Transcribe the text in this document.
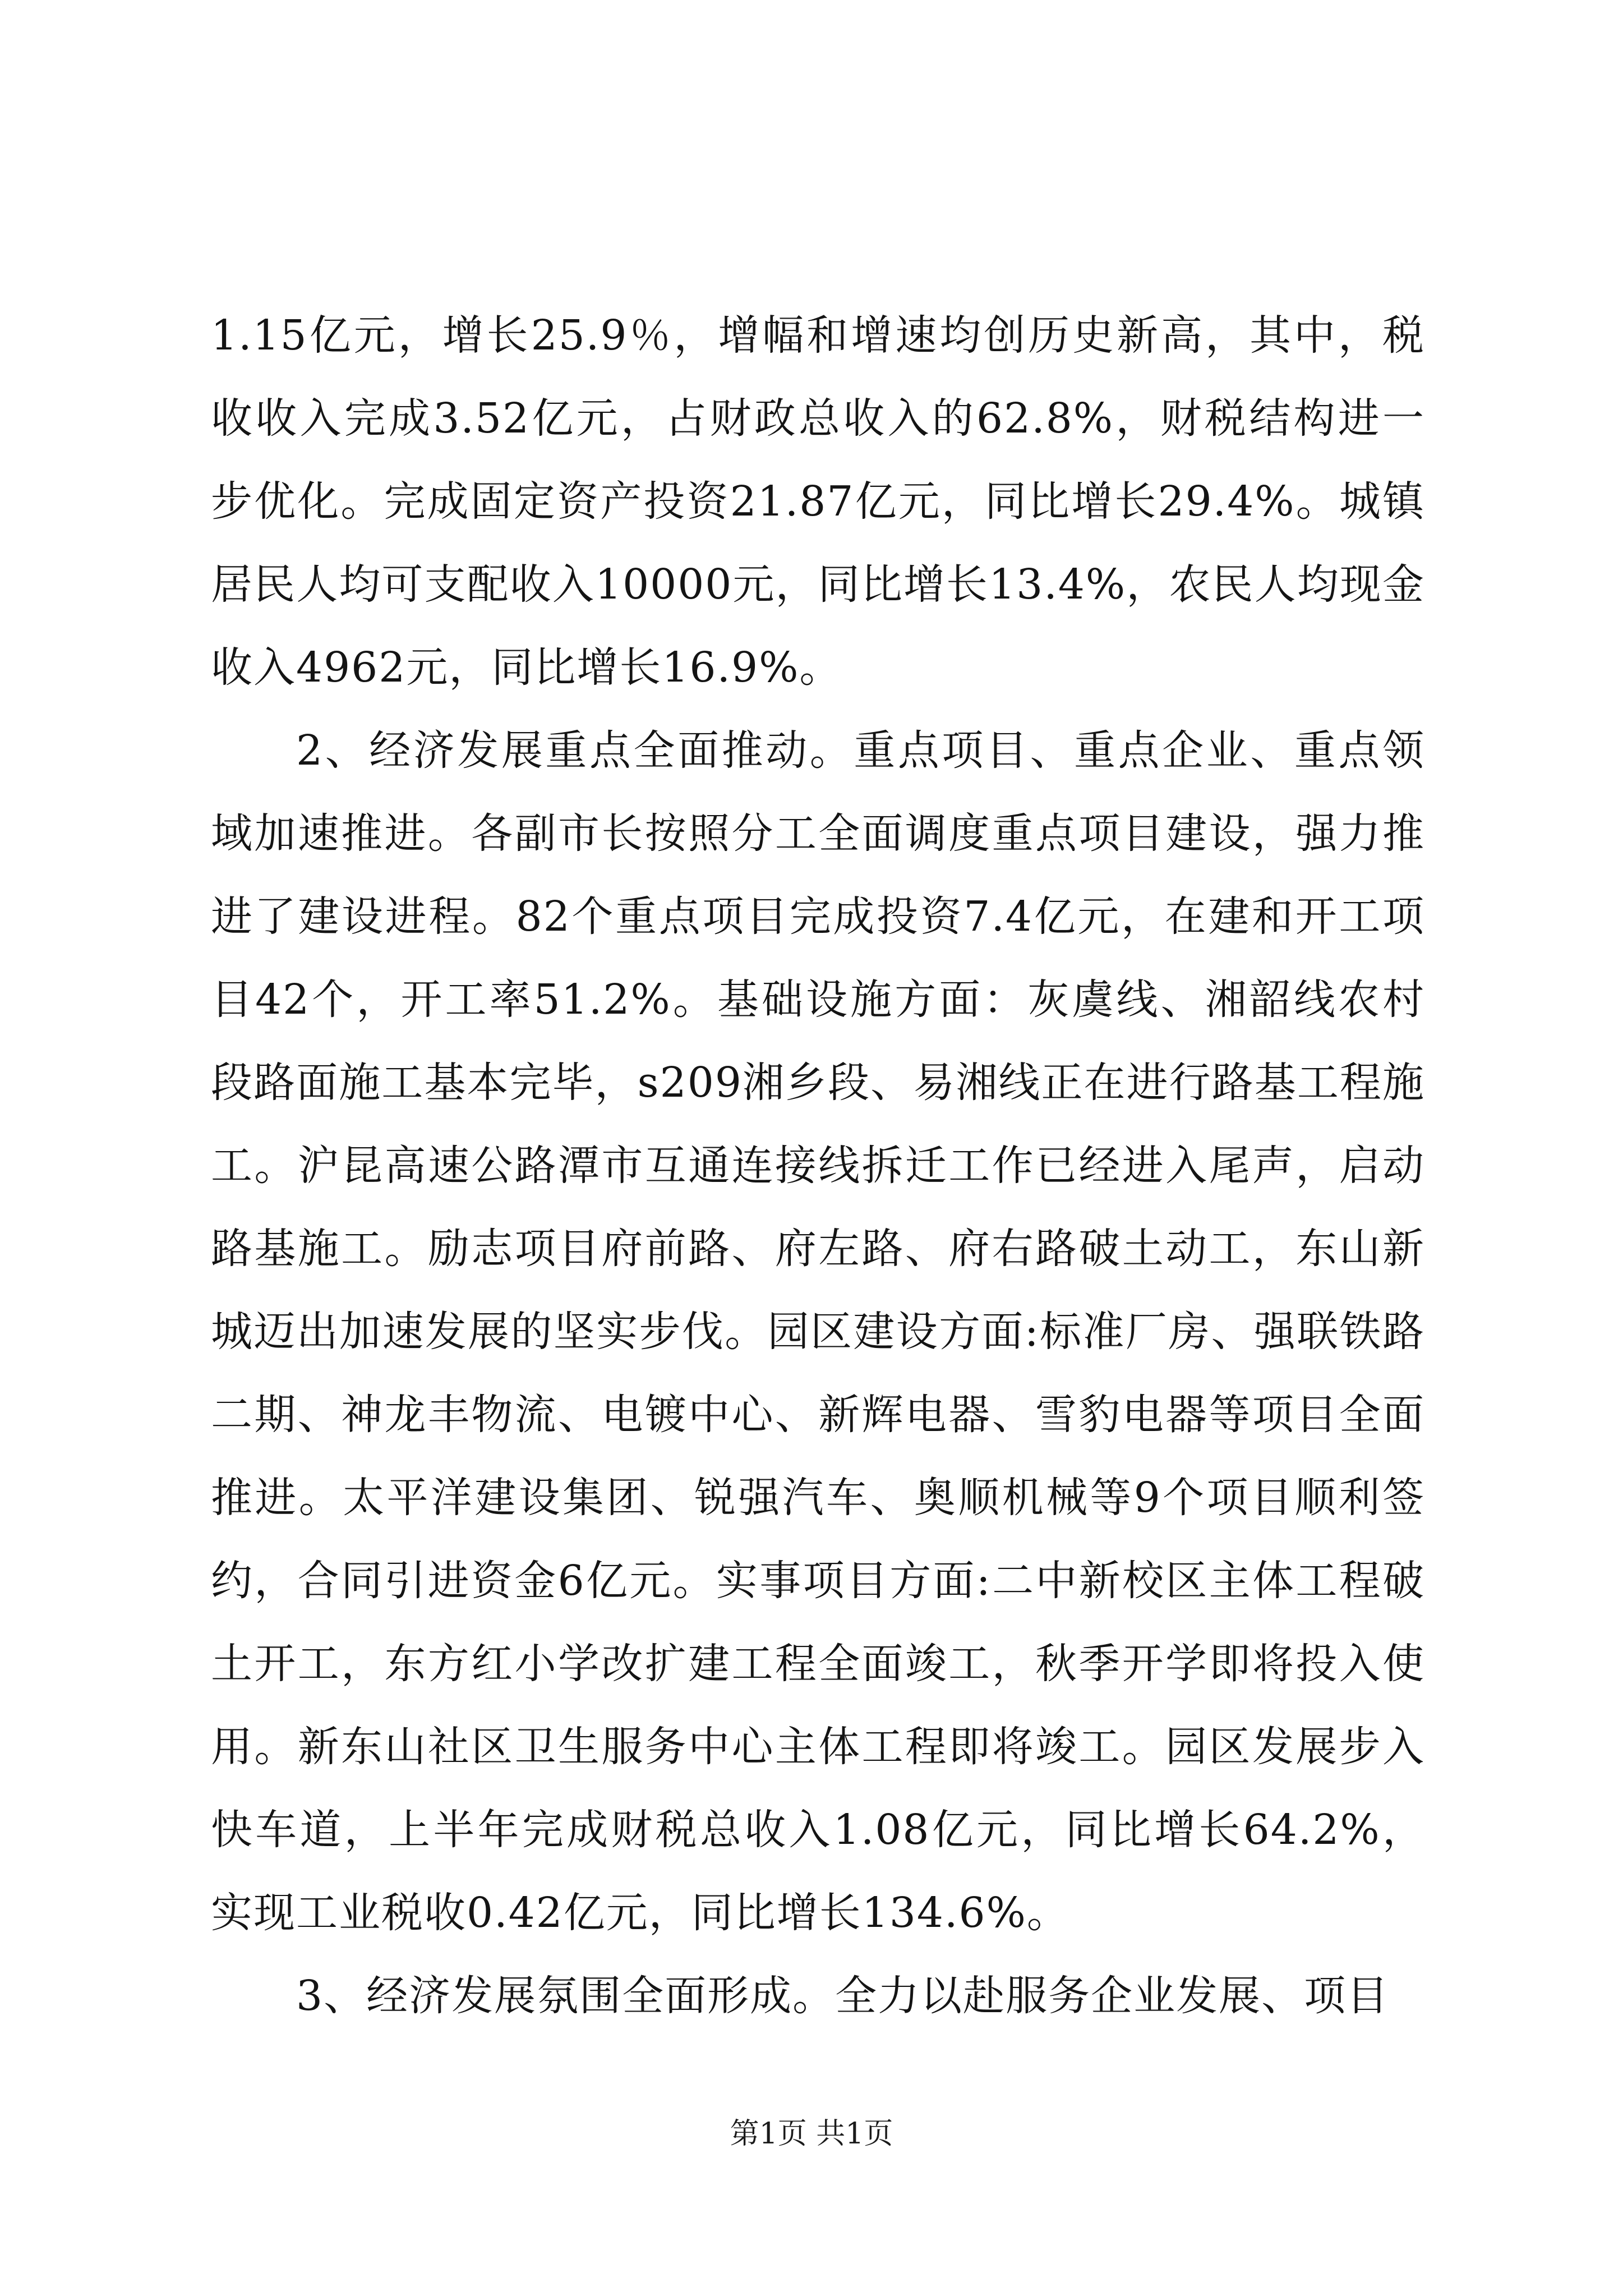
1.15亿元，增长25.9％，增幅和增速均创历史新高，其中，税收收入完成3.52亿元，占财政总收入的62.8%，财税结构进一步优化。完成固定资产投资21.87亿元，同比增长29.4%。城镇居民人均可支配收入10000元，同比增长13.4%，农民人均现金收入4962元，同比增长16.9%。

2、经济发展重点全面推动。重点项目、重点企业、重点领域加速推进。各副市长按照分工全面调度重点项目建设，强力推进了建设进程。82个重点项目完成投资7.4亿元，在建和开工项目42个，开工率51.2%。基础设施方面：灰虞线、湘韶线农村段路面施工基本完毕，s209湘乡段、易湘线正在进行路基工程施工。沪昆高速公路潭市互通连接线拆迁工作已经进入尾声，启动路基施工。励志项目府前路、府左路、府右路破土动工，东山新城迈出加速发展的坚实步伐。园区建设方面:标准厂房、强联铁路二期、神龙丰物流、电镀中心、新辉电器、雪豹电器等项目全面推进。太平洋建设集团、锐强汽车、奥顺机械等9个项目顺利签约，合同引进资金6亿元。实事项目方面:二中新校区主体工程破土开工，东方红小学改扩建工程全面竣工，秋季开学即将投入使用。新东山社区卫生服务中心主体工程即将竣工。园区发展步入快车道，上半年完成财税总收入1.08亿元，同比增长64.2%，实现工业税收0.42亿元，同比增长134.6%。

3、经济发展氛围全面形成。全力以赴服务企业发展、项目

第1页 共1页
